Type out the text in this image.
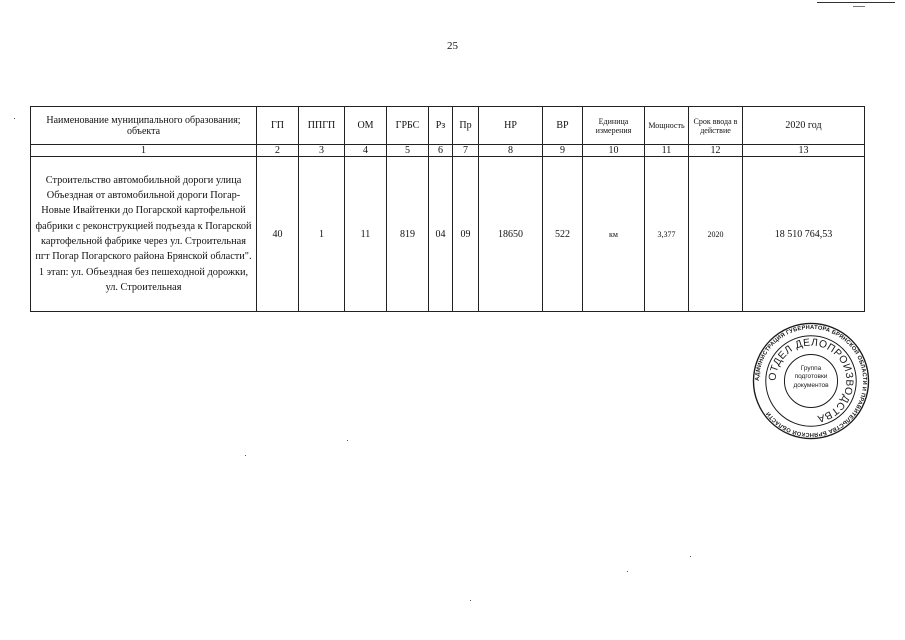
25
Наименование муниципального образования; объекта	ГП	ППГП	ОМ	ГРБС	Рз	Пр	НР	ВР	Единица измерения	Мощность	Срок ввода в действие	2020 год
1	2	3	4	5	6	7	8	9	10	11	12	13
Строительство автомобильной дороги улица Объездная от автомобильной дороги Погар-Новые Ивайтенки до Погарской картофельной фабрики с реконструкцией подъезда к Погарской картофельной фабрике через ул. Строительная пгт Погар Погарского района Брянской области". 1 этап: ул. Объездная без пешеходной дорожки, ул. Строительная	40	1	11	819	04	09	18650	522	км	3,377	2020	18 510 764,53
АДМИНИСТРАЦИЯ ГУБЕРНАТОРА БРЯНСКОЙ ОБЛАСТИ И ПРАВИТЕЛЬСТВА БРЯНСКОЙ ОБЛАСТИ
ОТДЕЛ ДЕЛОПРОИЗВОДСТВА
Группа подготовки документов
